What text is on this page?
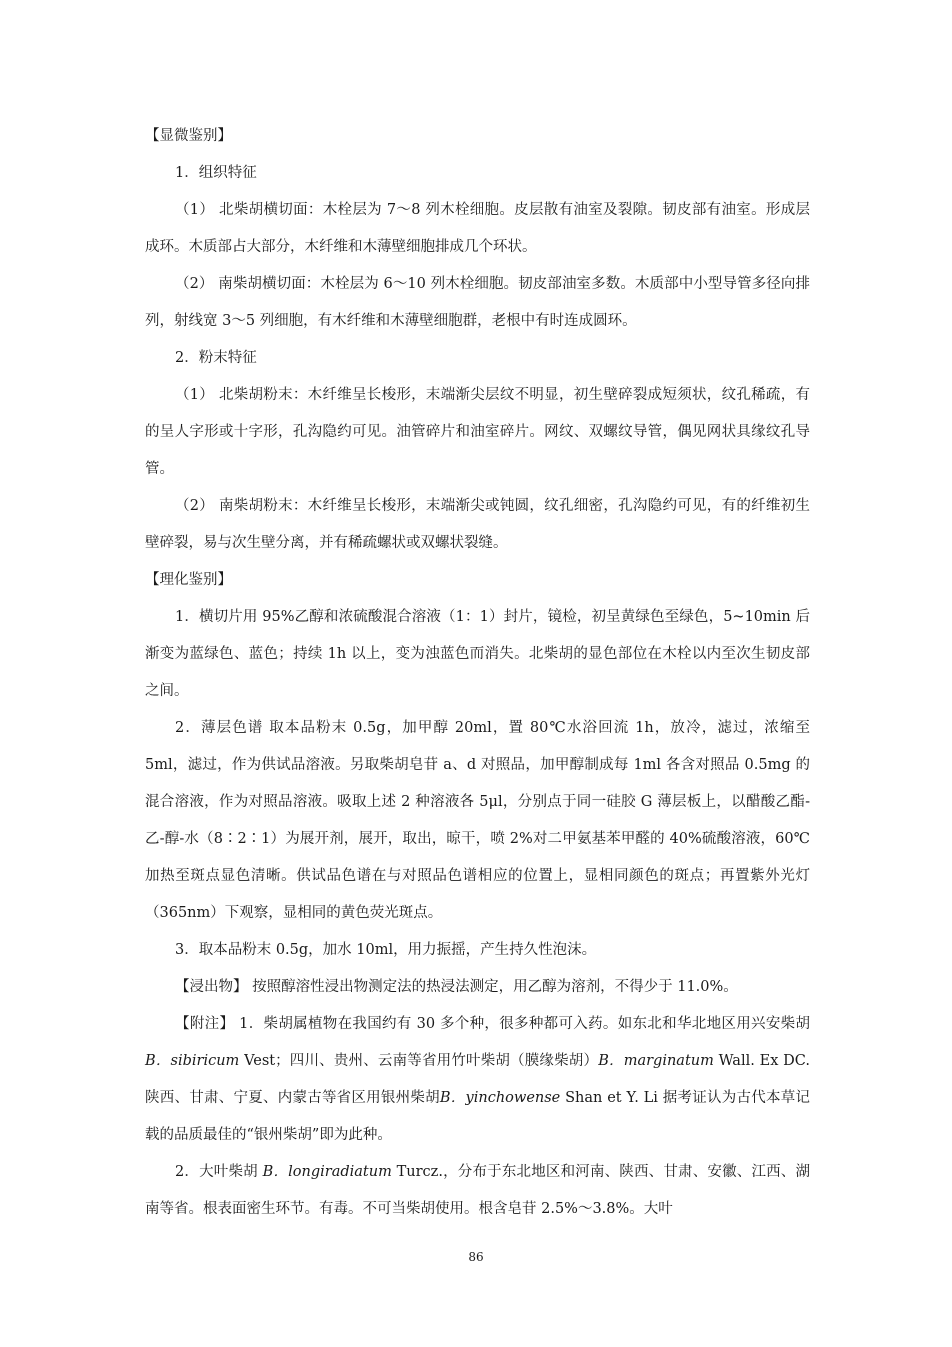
【显微鉴别】

1．组织特征

（1） 北柴胡横切面：木栓层为 7～8 列木栓细胞。皮层散有油室及裂隙。韧皮部有油室。形成层成环。木质部占大部分，木纤维和木薄壁细胞排成几个环状。

（2） 南柴胡横切面：木栓层为 6～10 列木栓细胞。韧皮部油室多数。木质部中小型导管多径向排列，射线宽 3～5 列细胞，有木纤维和木薄壁细胞群，老根中有时连成圆环。

2．粉末特征

（1） 北柴胡粉末：木纤维呈长梭形，末端渐尖层纹不明显，初生壁碎裂成短须状，纹孔稀疏，有的呈人字形或十字形，孔沟隐约可见。油管碎片和油室碎片。网纹、双螺纹导管，偶见网状具缘纹孔导管。

（2） 南柴胡粉末：木纤维呈长梭形，末端渐尖或钝圆，纹孔细密，孔沟隐约可见，有的纤维初生壁碎裂，易与次生壁分离，并有稀疏螺状或双螺状裂缝。

【理化鉴别】

1．横切片用 95%乙醇和浓硫酸混合溶液（1：1）封片，镜检，初呈黄绿色至绿色，5~10min 后渐变为蓝绿色、蓝色；持续 1h 以上，变为浊蓝色而消失。北柴胡的显色部位在木栓以内至次生韧皮部之间。

2．薄层色谱 取本品粉末 0.5g，加甲醇 20ml，置 80℃水浴回流 1h，放冷，滤过，浓缩至 5ml，滤过，作为供试品溶液。另取柴胡皂苷 a、d 对照品，加甲醇制成每 1ml 各含对照品 0.5mg 的混合溶液，作为对照品溶液。吸取上述 2 种溶液各 5μl，分别点于同一硅胶 G 薄层板上，以醋酸乙酯-乙-醇-水（8∶2∶1）为展开剂，展开，取出，晾干，喷 2%对二甲氨基苯甲醛的 40%硫酸溶液，60℃加热至斑点显色清晰。供试品色谱在与对照品色谱相应的位置上，显相同颜色的斑点；再置紫外光灯（365nm）下观察，显相同的黄色荧光斑点。

3．取本品粉末 0.5g，加水 10ml，用力振摇，产生持久性泡沫。

【浸出物】 按照醇溶性浸出物测定法的热浸法测定，用乙醇为溶剂，不得少于 11.0%。

【附注】 1．柴胡属植物在我国约有 30 多个种，很多种都可入药。如东北和华北地区用兴安柴胡 B．sibiricum Vest；四川、贵州、云南等省用竹叶柴胡（膜缘柴胡）B．marginatum Wall. Ex DC. 陕西、甘肃、宁夏、内蒙古等省区用银州柴胡B．yinchowense Shan et Y. Li 据考证认为古代本草记载的品质最佳的“银州柴胡”即为此种。

2．大叶柴胡 B．longiradiatum Turcz.，分布于东北地区和河南、陕西、甘肃、安徽、江西、湖南等省。根表面密生环节。有毒。不可当柴胡使用。根含皂苷 2.5%～3.8%。大叶

86
